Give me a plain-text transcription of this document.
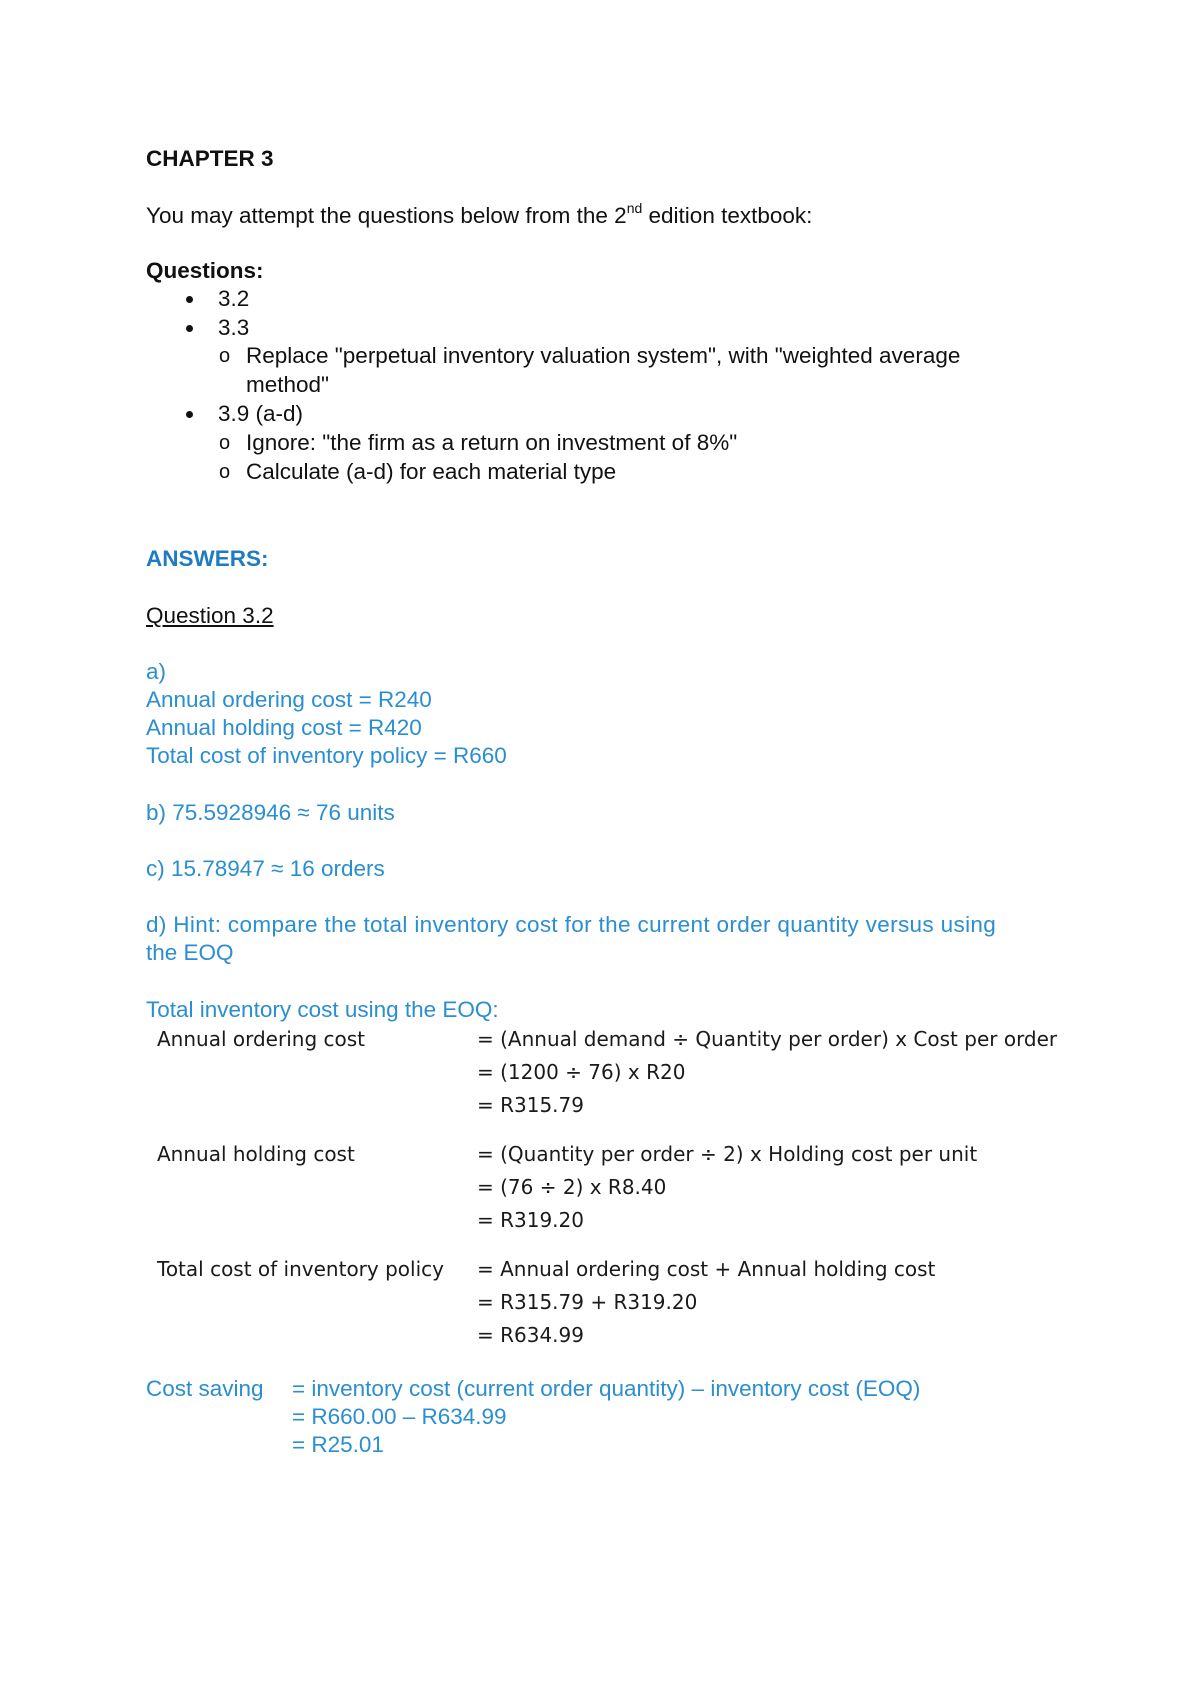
CHAPTER 3
You may attempt the questions below from the 2nd edition textbook:
Questions:
3.2
3.3
o Replace "perpetual inventory valuation system", with "weighted average
method"
3.9 (a-d)
o Ignore: "the firm as a return on investment of 8%"
o Calculate (a-d) for each material type
ANSWERS:
Question 3.2
a)
Annual ordering cost = R240
Annual holding cost = R420
Total cost of inventory policy = R660
b) 75.5928946 ≈ 76 units
c) 15.78947 ≈ 16 orders
d) Hint: compare the total inventory cost for the current order quantity versus using
the EOQ
Total inventory cost using the EOQ:
Annual ordering cost	= (Annual demand ÷ Quantity per order) x Cost per order
= (1200 ÷ 76) x R20
= R315.79
Annual holding cost	= (Quantity per order ÷ 2) x Holding cost per unit
= (76 ÷ 2) x R8.40
= R319.20
Total cost of inventory policy = Annual ordering cost + Annual holding cost
= R315.79 + R319.20
= R634.99
Cost saving = inventory cost (current order quantity) – inventory cost (EOQ)
= R660.00 – R634.99
= R25.01
